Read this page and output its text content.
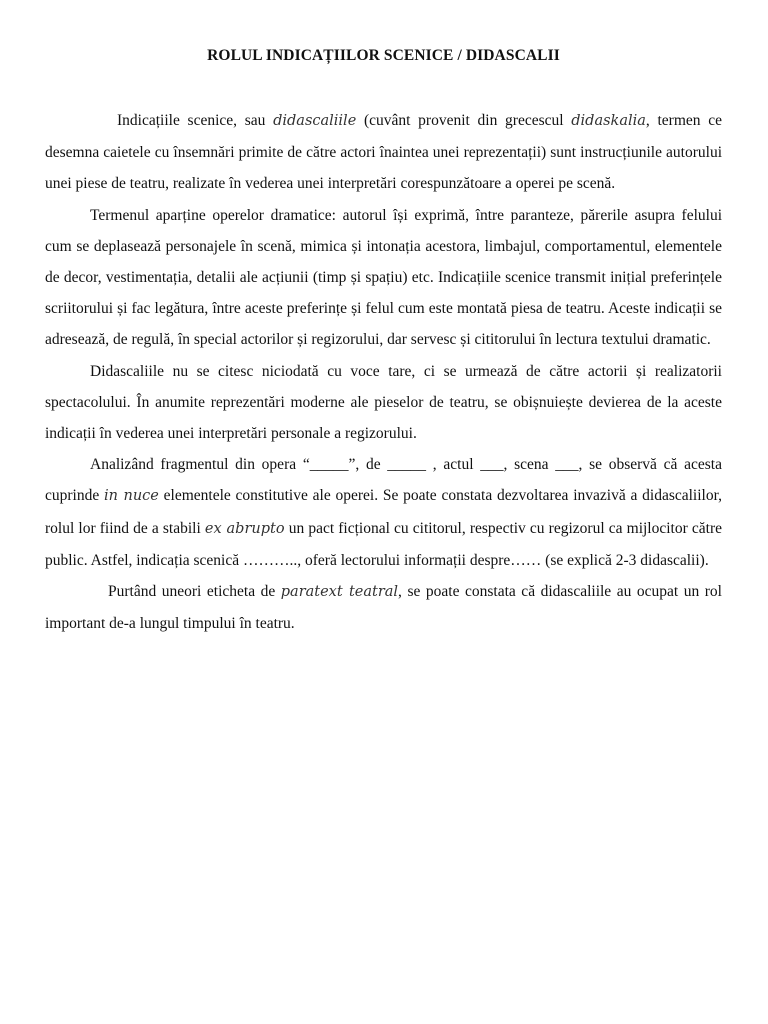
ROLUL INDICAȚIILOR SCENICE / DIDASCALII

Indicațiile scenice, sau didascaliile (cuvânt provenit din grecescul didaskalia, termen ce desemna caietele cu însemnări primite de către actori înaintea unei reprezentații) sunt instrucțiunile autorului unei piese de teatru, realizate în vederea unei interpretări corespunzătoare a operei pe scenă.

Termenul aparține operelor dramatice: autorul își exprimă, între paranteze, părerile asupra felului cum se deplasează personajele în scenă, mimica și intonația acestora, limbajul, comportamentul, elementele de decor, vestimentația, detalii ale acțiunii (timp și spațiu) etc. Indicațiile scenice transmit inițial preferințele scriitorului și fac legătura, între aceste preferințe și felul cum este montată piesa de teatru. Aceste indicații se adresează, de regulă, în special actorilor și regizorului, dar servesc și cititorului în lectura textului dramatic.

Didascaliile nu se citesc niciodată cu voce tare, ci se urmează de către actorii și realizatorii spectacolului. În anumite reprezentări moderne ale pieselor de teatru, se obișnuiește devierea de la aceste indicații în vederea unei interpretări personale a regizorului.

Analizând fragmentul din opera “_____”, de _____ , actul ___, scena ___, se observă că acesta cuprinde in nuce elementele constitutive ale operei. Se poate constata dezvoltarea invazivă a didascaliilor, rolul lor fiind de a stabili ex abrupto un pact ficțional cu cititorul, respectiv cu regizorul ca mijlocitor către public. Astfel, indicația scenică ……….., oferă lectorului informații despre…… (se explică 2-3 didascalii).

Purtând uneori eticheta de paratext teatral, se poate constata că didascaliile au ocupat un rol important de-a lungul timpului în teatru.
